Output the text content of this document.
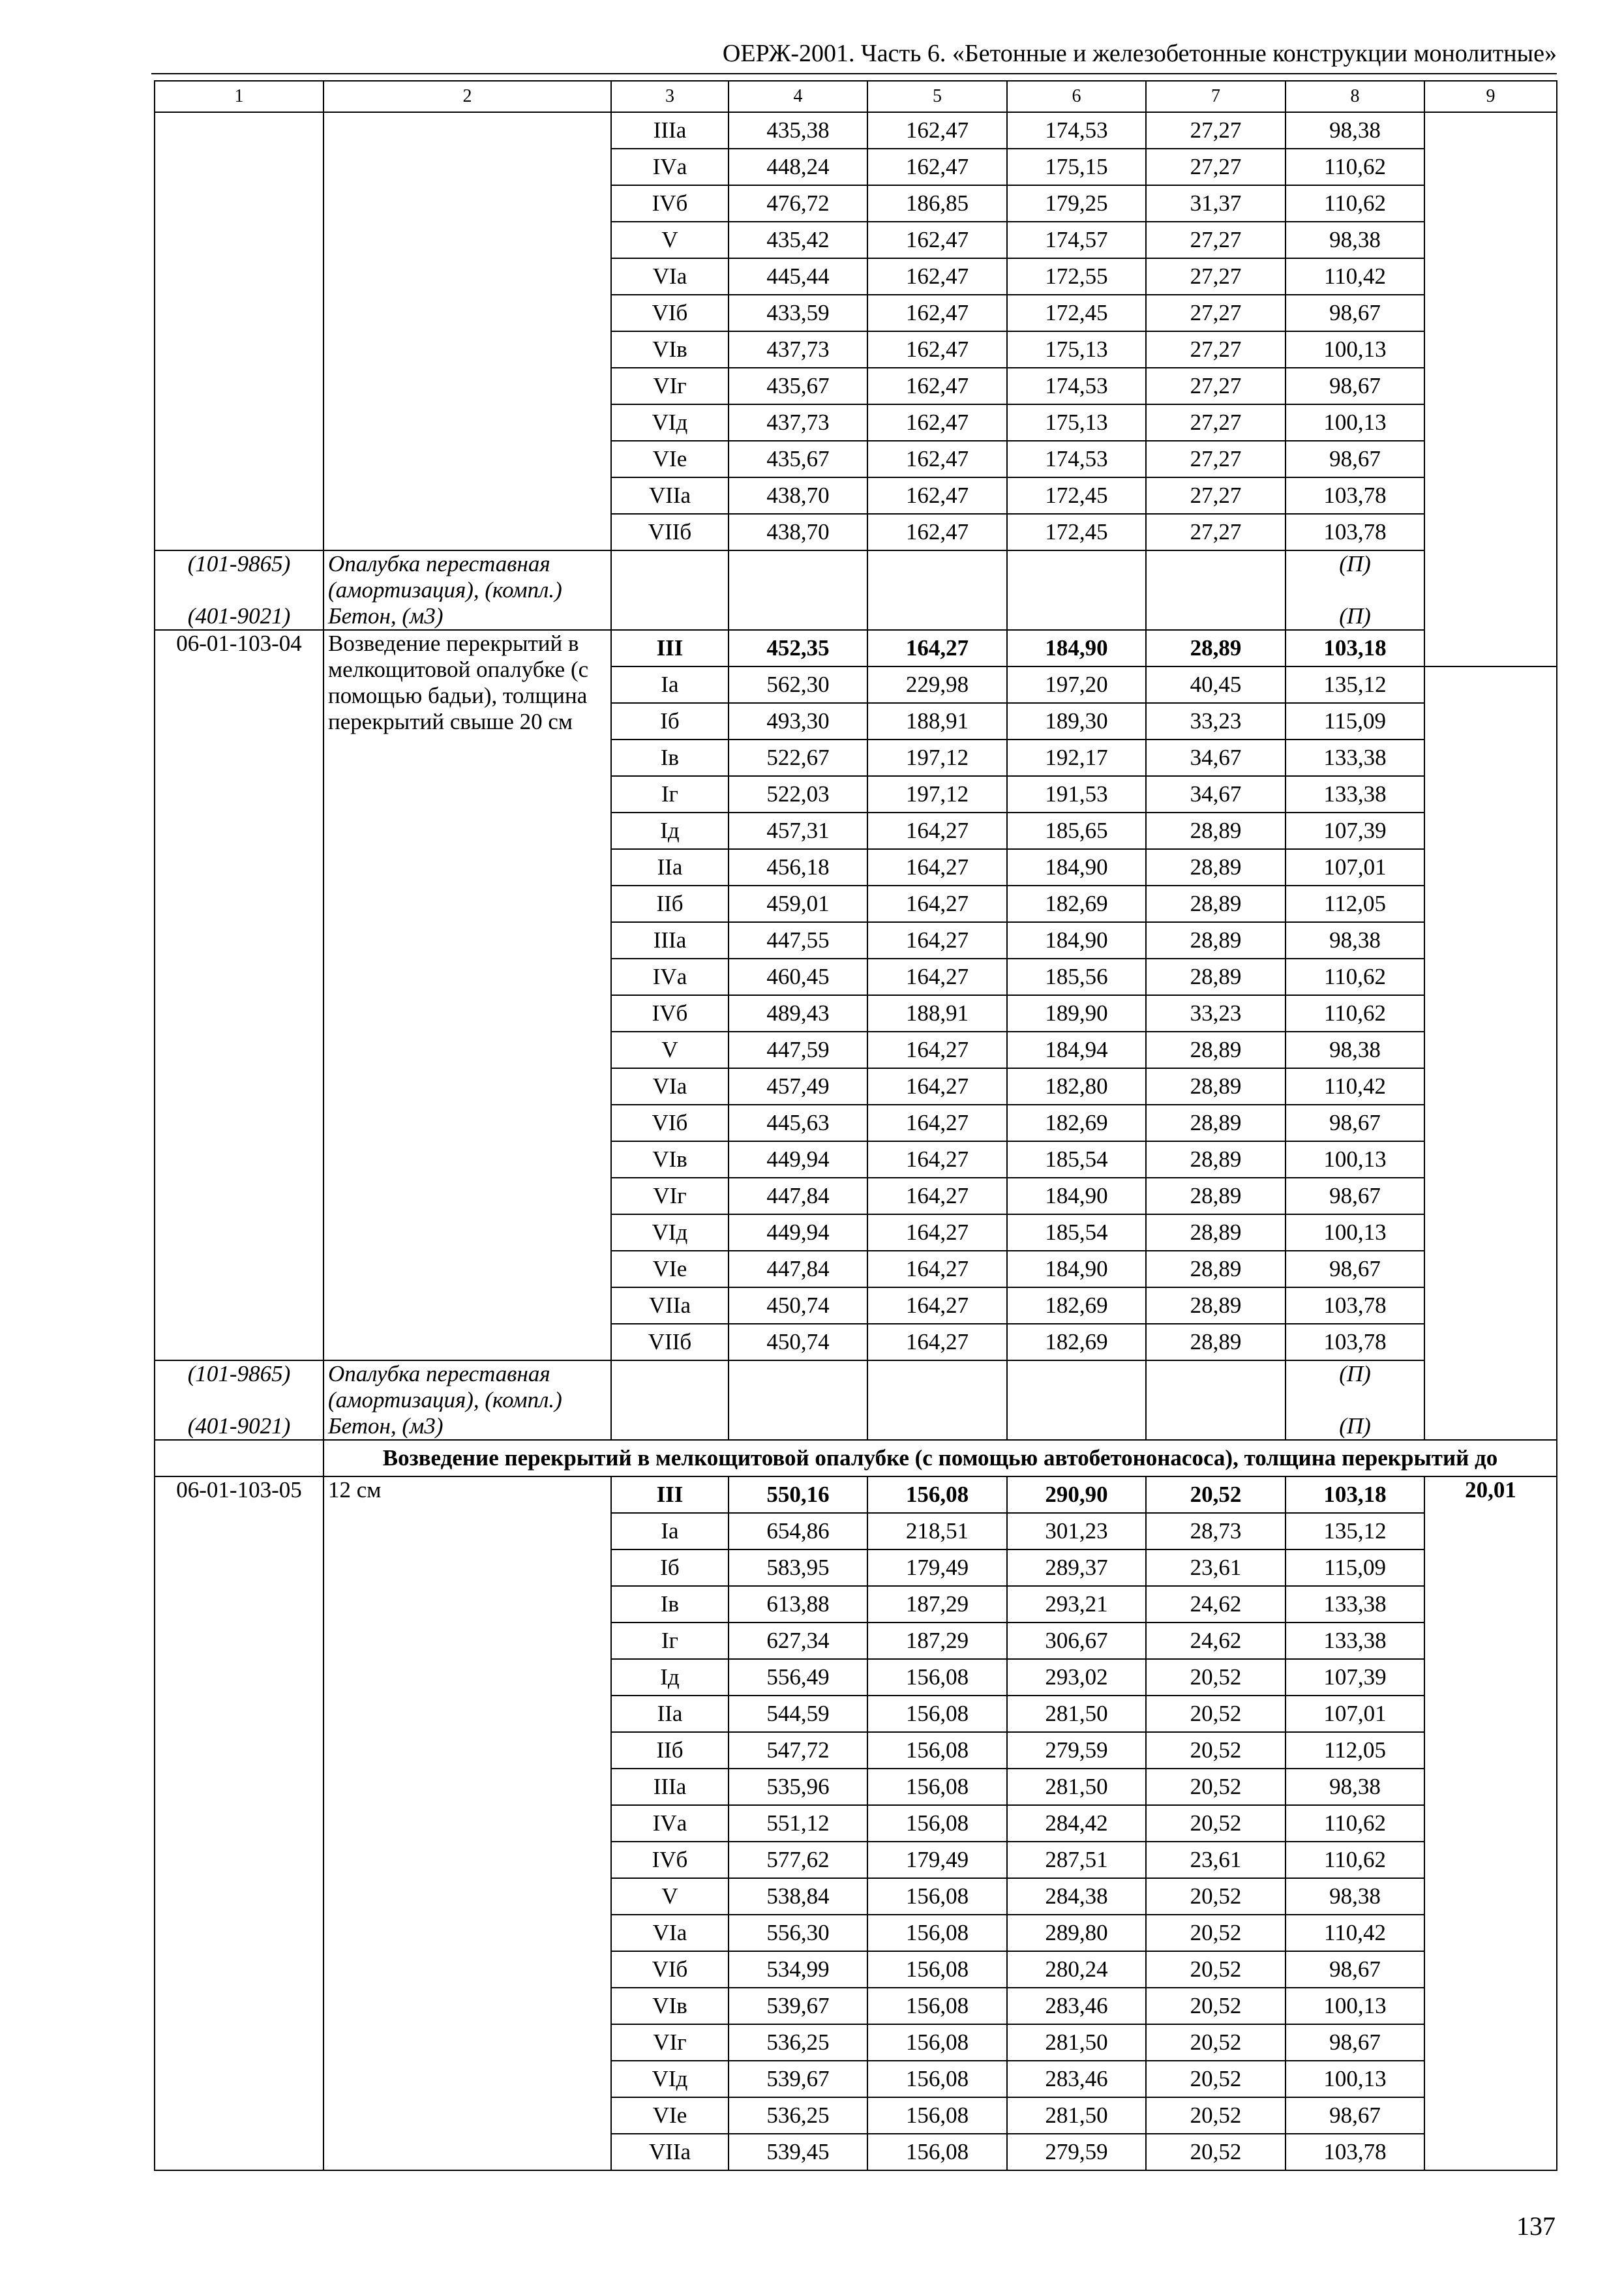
ОЕРЖ-2001. Часть 6. «Бетонные и железобетонные конструкции монолитные»
1	2	3	4	5	6	7	8	9	
		IIIа	435,38	162,47	174,53	27,27	98,38		
		IVа	448,24	162,47	175,15	27,27	110,62		
		IVб	476,72	186,85	179,25	31,37	110,62		
		V	435,42	162,47	174,57	27,27	98,38		
		VIа	445,44	162,47	172,55	27,27	110,42		
		VIб	433,59	162,47	172,45	27,27	98,67		
		VIв	437,73	162,47	175,13	27,27	100,13		
		VIг	435,67	162,47	174,53	27,27	98,67		
		VIд	437,73	162,47	175,13	27,27	100,13		
		VIе	435,67	162,47	174,53	27,27	98,67		
		VIIа	438,70	162,47	172,45	27,27	103,78		
		VIIб	438,70	162,47	172,45	27,27	103,78		
(101-9865)	Опалубка переставная (амортизация), (компл.)						(П)		
(401-9021)	Бетон, (м3)						(П)		
06-01-103-04	Возведение перекрытий в мелкощитовой опалубке (с помощью бадьи), толщина перекрытий свыше 20 см	III	452,35	164,27	184,90	28,89	103,18	
		Iа	562,30	229,98	197,20	40,45	135,12		
		Iб	493,30	188,91	189,30	33,23	115,09		
		Iв	522,67	197,12	192,17	34,67	133,38		
		Iг	522,03	197,12	191,53	34,67	133,38		
		Iд	457,31	164,27	185,65	28,89	107,39		
		IIа	456,18	164,27	184,90	28,89	107,01		
		IIб	459,01	164,27	182,69	28,89	112,05		
		IIIа	447,55	164,27	184,90	28,89	98,38		
		IVа	460,45	164,27	185,56	28,89	110,62		
		IVб	489,43	188,91	189,90	33,23	110,62		
		V	447,59	164,27	184,94	28,89	98,38		
		VIа	457,49	164,27	182,80	28,89	110,42		
		VIб	445,63	164,27	182,69	28,89	98,67		
		VIв	449,94	164,27	185,54	28,89	100,13		
		VIг	447,84	164,27	184,90	28,89	98,67		
		VIд	449,94	164,27	185,54	28,89	100,13		
		VIе	447,84	164,27	184,90	28,89	98,67		
		VIIа	450,74	164,27	182,69	28,89	103,78		
		VIIб	450,74	164,27	182,69	28,89	103,78		
(101-9865)	Опалубка переставная (амортизация), (компл.)						(П)		
(401-9021)	Бетон, (м3)						(П)		
	Возведение перекрытий в мелкощитовой опалубке (с помощью автобетононасоса), толщина перекрытий до								
06-01-103-05	12 см	III	550,16	156,08	290,90	20,52	103,18	20,01	
		Iа	654,86	218,51	301,23	28,73	135,12		
		Iб	583,95	179,49	289,37	23,61	115,09		
		Iв	613,88	187,29	293,21	24,62	133,38		
		Iг	627,34	187,29	306,67	24,62	133,38		
		Iд	556,49	156,08	293,02	20,52	107,39		
		IIа	544,59	156,08	281,50	20,52	107,01		
		IIб	547,72	156,08	279,59	20,52	112,05		
		IIIа	535,96	156,08	281,50	20,52	98,38		
		IVа	551,12	156,08	284,42	20,52	110,62		
		IVб	577,62	179,49	287,51	23,61	110,62		
		V	538,84	156,08	284,38	20,52	98,38		
		VIа	556,30	156,08	289,80	20,52	110,42		
		VIб	534,99	156,08	280,24	20,52	98,67		
		VIв	539,67	156,08	283,46	20,52	100,13		
		VIг	536,25	156,08	281,50	20,52	98,67		
		VIд	539,67	156,08	283,46	20,52	100,13		
		VIе	536,25	156,08	281,50	20,52	98,67		
		VIIа	539,45	156,08	279,59	20,52	103,78		
137
